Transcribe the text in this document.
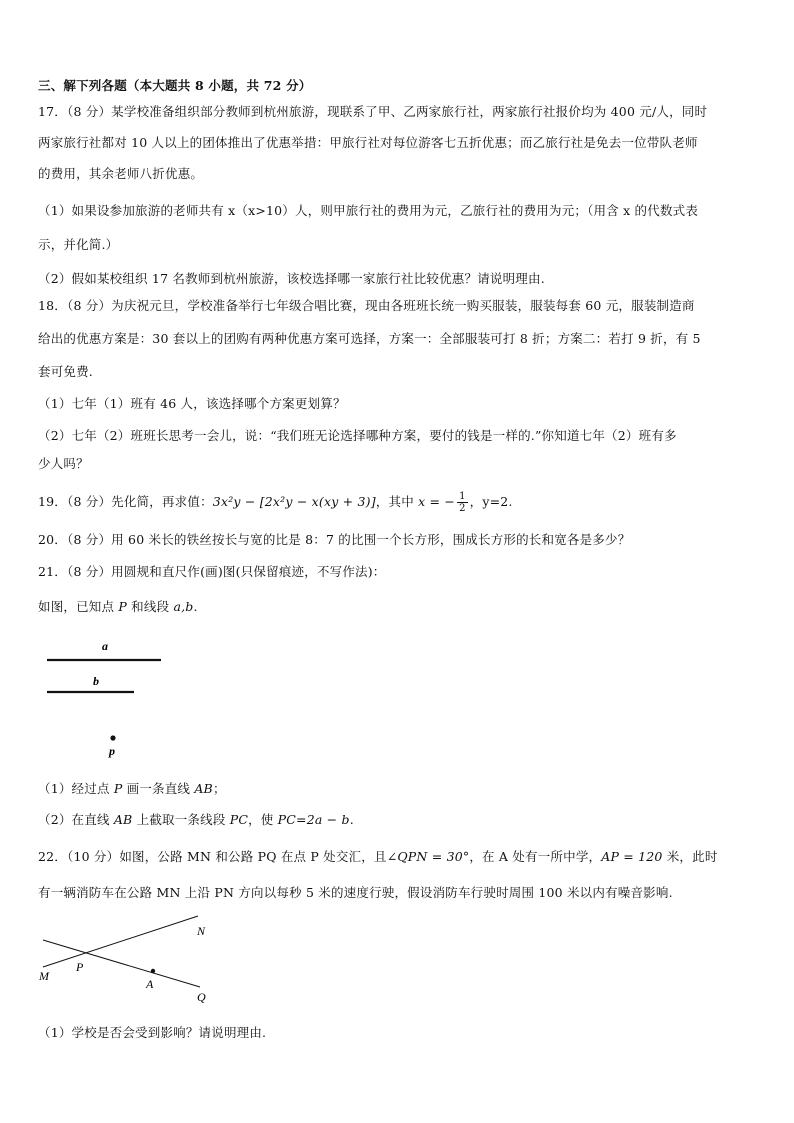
三、解下列各题（本大题共 8 小题，共 72 分）
17．（8 分）某学校准备组织部分教师到杭州旅游，现联系了甲、乙两家旅行社，两家旅行社报价均为 400 元/人，同时
两家旅行社都对 10 人以上的团体推出了优惠举措：甲旅行社对每位游客七五折优惠；而乙旅行社是免去一位带队老师
的费用，其余老师八折优惠。
（1）如果设参加旅游的老师共有 x（x>10）人，则甲旅行社的费用为元，乙旅行社的费用为元；（用含 x 的代数式表
示，并化简.）
（2）假如某校组织 17 名教师到杭州旅游，该校选择哪一家旅行社比较优惠？请说明理由.
18．（8 分）为庆祝元旦，学校准备举行七年级合唱比赛，现由各班班长统一购买服装，服装每套 60 元，服装制造商
给出的优惠方案是：30 套以上的团购有两种优惠方案可选择，方案一：全部服装可打 8 折；方案二：若打 9 折，有 5
套可免费.
（1）七年（1）班有 46 人，该选择哪个方案更划算？
（2）七年（2）班班长思考一会儿，说：“我们班无论选择哪种方案，要付的钱是一样的.”你知道七年（2）班有多
少人吗？
19．（8 分）先化简，再求值：3x²y − [2x²y − x(xy + 3)]，其中 x = − $\frac{1}{2}$ ，y=2.
20．（8 分）用 60 米长的铁丝按长与宽的比是 8：7 的比围一个长方形，围成长方形的长和宽各是多少？
21．（8 分）用圆规和直尺作(画)图(只保留痕迹，不写作法)：
如图，已知点 P 和线段 a,b.
a
b
p
（1）经过点 P 画一条直线 AB；
（2）在直线 AB 上截取一条线段 PC，使 PC=2a − b.
22．（10 分）如图，公路 MN 和公路 PQ 在点 P 处交汇，且∠QPN = 30°，在 A 处有一所中学，AP = 120 米，此时
有一辆消防车在公路 MN 上沿 PN 方向以每秒 5 米的速度行驶，假设消防车行驶时周围 100 米以内有噪音影响.
N
M
P
A
Q
（1）学校是否会受到影响？请说明理由.
